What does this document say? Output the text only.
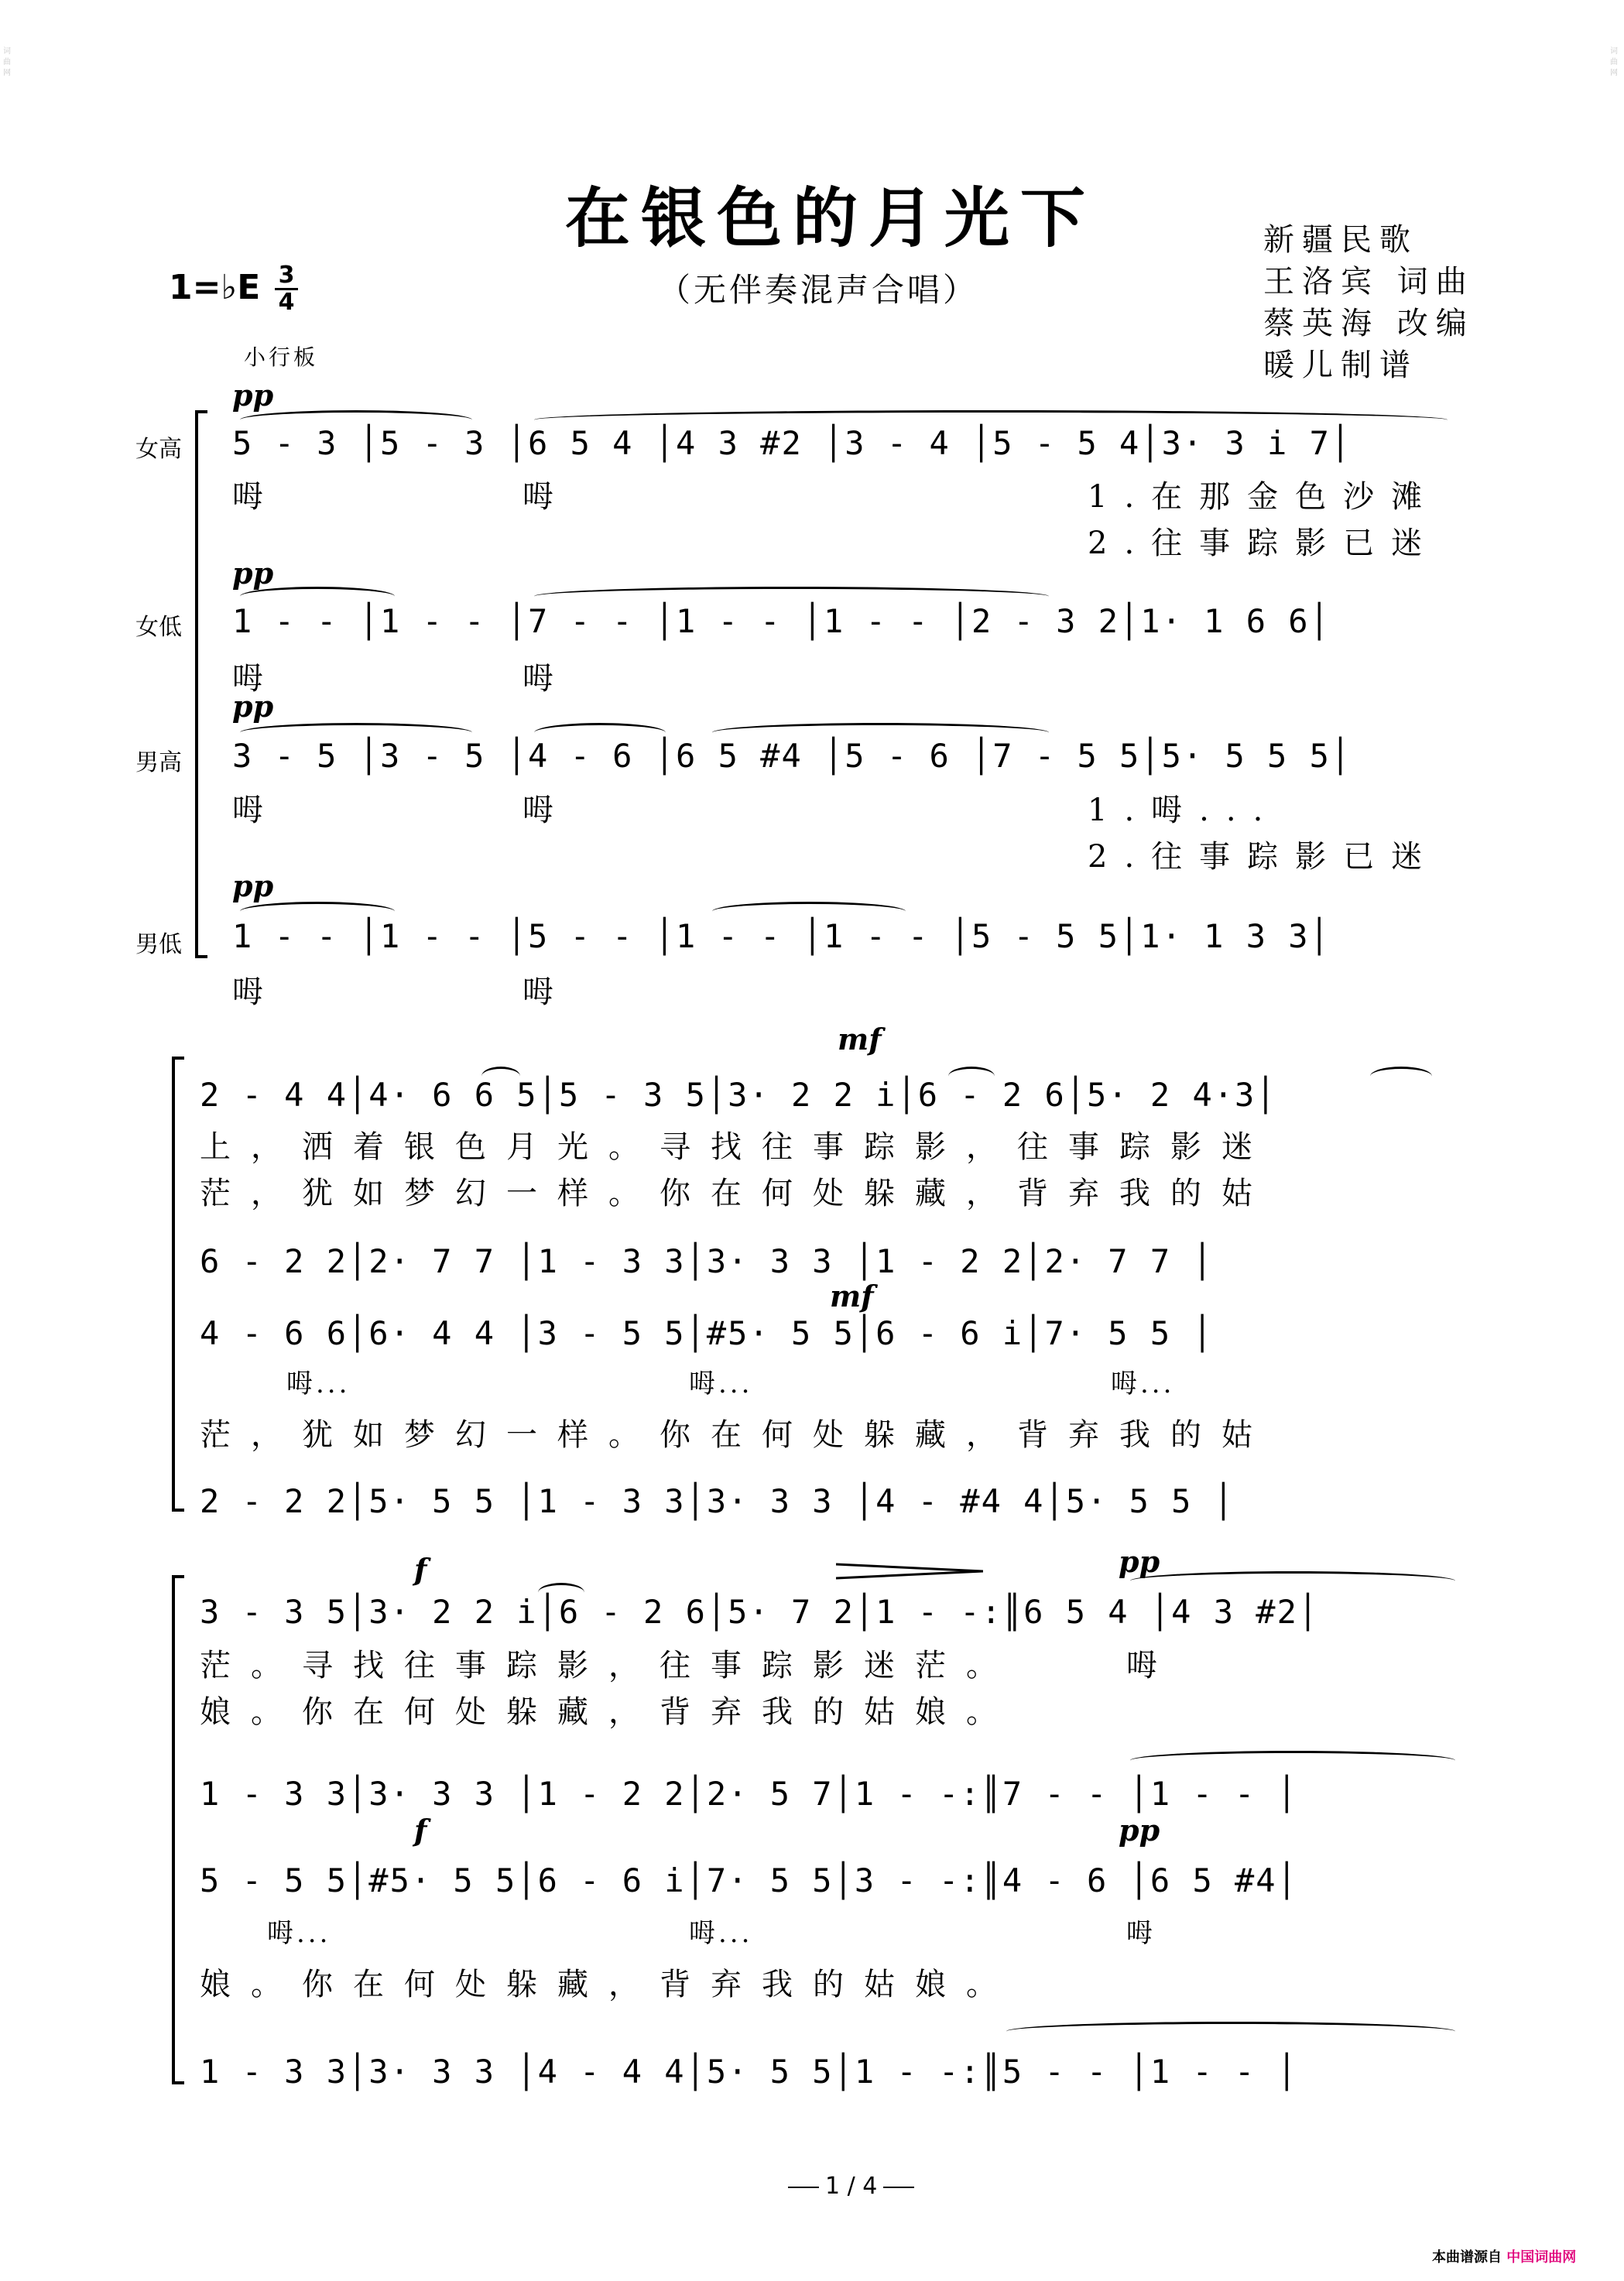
词曲网
词曲网
在银色的月光下
（无伴奏混声合唱）
新疆民歌
王洛宾 词曲
蔡英海 改编
暖儿制谱
1=♭E 3
4
小行板
女高
女低
男高
男低
pp
5 - 3 │5 - 3 │6 5 4 │4 3 #2 │3 - 4 │5 - 5 4│3· 3 i 7│
呣	呣	1.在那金色沙滩
2.往事踪影已迷
pp
1 - - │1 - - │7 - - │1 - - │1 - - │2 - 3 2│1· 1 6 6│
呣	呣
pp
3 - 5 │3 - 5 │4 - 6 │6 5 #4 │5 - 6 │7 - 5 5│5· 5 5 5│
呣	呣	1.呣...
2.往事踪影已迷
pp
1 - - │1 - - │5 - - │1 - - │1 - - │5 - 5 5│1· 1 3 3│
呣	呣
mf
2 - 4 4│4· 6 6 5│5 - 3 5│3· 2 2 i│6 - 2 6│5· 2 4·3│
上，洒着银色月光。寻找往事踪影，往事踪影迷
茫，犹如梦幻一样。你在何处躲藏，背弃我的姑
6 - 2 2│2· 7 7 │1 - 3 3│3· 3 3 │1 - 2 2│2· 7 7 │
mf
4 - 6 6│6· 4 4 │3 - 5 5│#5· 5 5│6 - 6 i│7· 5 5 │
呣...	呣...	呣...
茫，犹如梦幻一样。你在何处躲藏，背弃我的姑
2 - 2 2│5· 5 5 │1 - 3 3│3· 3 3 │4 - #4 4│5· 5 5 │
f	pp
3 - 3 5│3· 2 2 i│6 - 2 6│5· 7 2│1 - -:║6 5 4 │4 3 #2│
茫。寻找往事踪影，往事踪影迷茫。	呣
娘。你在何处躲藏，背弃我的姑娘。
1 - 3 3│3· 3 3 │1 - 2 2│2· 5 7│1 - -:║7 - - │1 - - │
f	pp
5 - 5 5│#5· 5 5│6 - 6 i│7· 5 5│3 - -:║4 - 6 │6 5 #4│
呣...	呣...	呣
娘。你在何处躲藏，背弃我的姑娘。
1 - 3 3│3· 3 3 │4 - 4 4│5· 5 5│1 - -:║5 - - │1 - - │
1 / 4
本曲谱源自 中国词曲网
